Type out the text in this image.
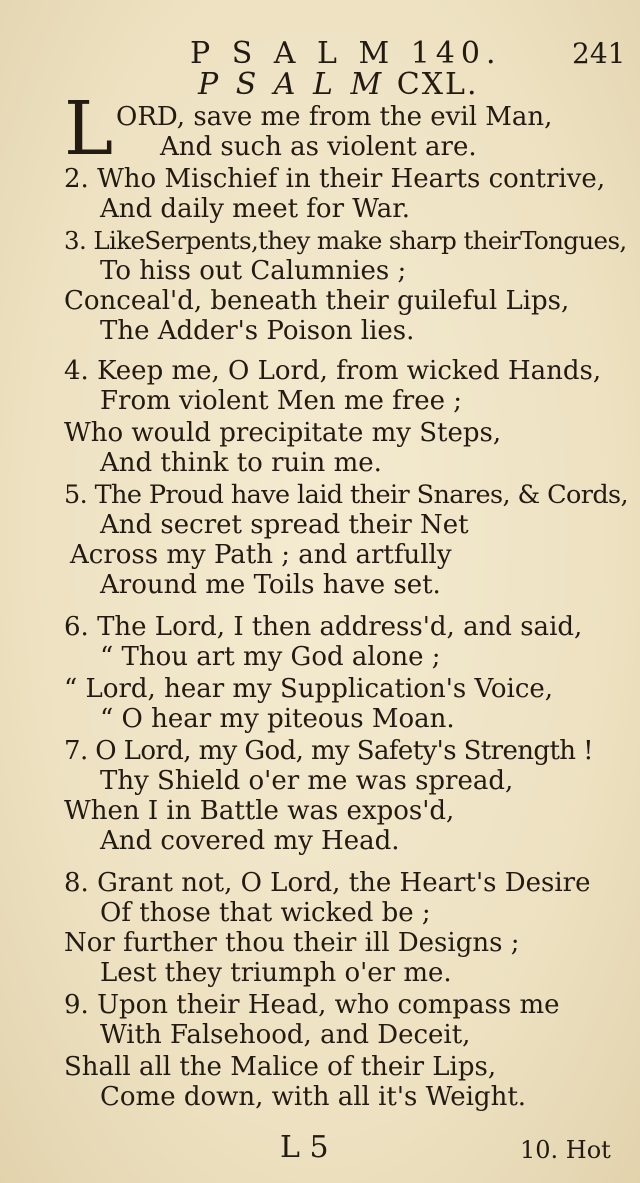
P S A L M 140.	241
P S A L M CXL.
L ORD, save me from the evil Man,
And such as violent are.
2. Who Mischief in their Hearts contrive,
And daily meet for War.
3. LikeSerpents,they make sharp theirTongues,
To hiss out Calumnies ;
Conceal'd, beneath their guileful Lips,
The Adder's Poison lies.
4. Keep me, O Lord, from wicked Hands,
From violent Men me free ;
Who would precipitate my Steps,
And think to ruin me.
5. The Proud have laid their Snares, & Cords,
And secret spread their Net
Across my Path ; and artfully
Around me Toils have set.
6. The Lord, I then address'd, and said,
“ Thou art my God alone ;
“ Lord, hear my Supplication's Voice,
“ O hear my piteous Moan.
7. O Lord, my God, my Safety's Strength !
Thy Shield o'er me was spread,
When I in Battle was expos'd,
And covered my Head.
8. Grant not, O Lord, the Heart's Desire
Of those that wicked be ;
Nor further thou their ill Designs ;
Lest they triumph o'er me.
9. Upon their Head, who compass me
With Falsehood, and Deceit,
Shall all the Malice of their Lips,
Come down, with all it's Weight.
L 5	10. Hot
